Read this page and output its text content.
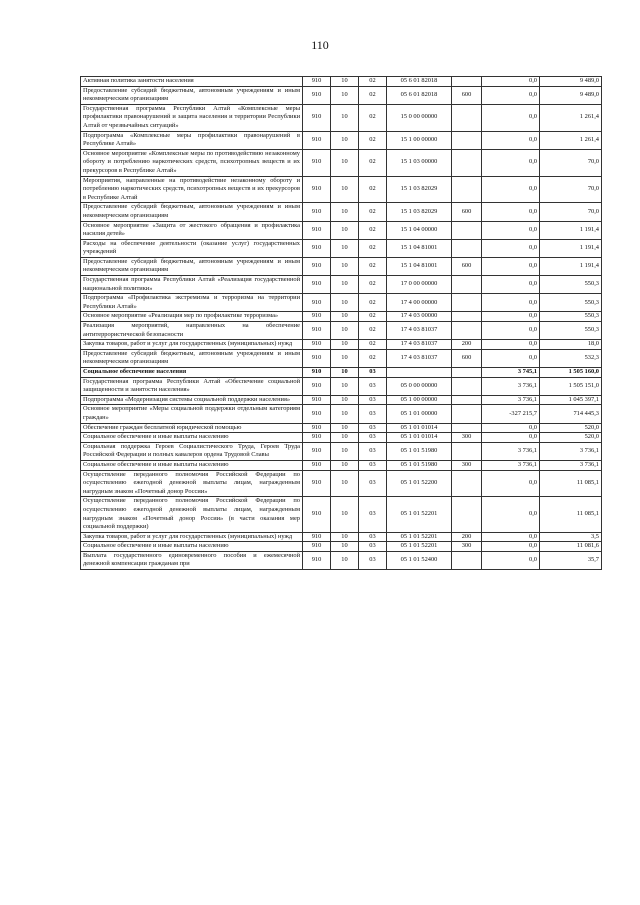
110
Активная политика занятости населения	910	10	02	05 6 01 82018		0,0	9 489,0
Предоставление субсидий бюджетным, автономным учреждениям и иным некоммерческим организациям	910	10	02	05 6 01 82018	600	0,0	9 489,0
Государственная программа Республики Алтай «Комплексные меры профилактики правонарушений и защита населения и территории Республики Алтай от чрезвычайных ситуаций»	910	10	02	15 0 00 00000		0,0	1 261,4
Подпрограмма «Комплексные меры профилактики правонарушений в Республике Алтай»	910	10	02	15 1 00 00000		0,0	1 261,4
Основное мероприятие «Комплексные меры по противодействию незаконному обороту и потреблению наркотических средств, психотропных веществ и их прекурсоров в Республике Алтай»	910	10	02	15 1 03 00000		0,0	70,0
Мероприятия, направленные на противодействие незаконному обороту и потреблению наркотических средств, психотропных веществ и их прекурсоров в Республике Алтай	910	10	02	15 1 03 82029		0,0	70,0
Предоставление субсидий бюджетным, автономным учреждениям и иным некоммерческим организациям	910	10	02	15 1 03 82029	600	0,0	70,0
Основное мероприятие «Защита от жестокого обращения и профилактика насилия детей»	910	10	02	15 1 04 00000		0,0	1 191,4
Расходы на обеспечение деятельности (оказание услуг) государственных учреждений	910	10	02	15 1 04 81001		0,0	1 191,4
Предоставление субсидий бюджетным, автономным учреждениям и иным некоммерческим организациям	910	10	02	15 1 04 81001	600	0,0	1 191,4
Государственная программа Республики Алтай «Реализация государственной национальной политики»	910	10	02	17 0 00 00000		0,0	550,3
Подпрограмма «Профилактика экстремизма и терроризма на территории Республики Алтай»	910	10	02	17 4 00 00000		0,0	550,3
Основное мероприятие «Реализация мер по профилактике терроризма»	910	10	02	17 4 03 00000		0,0	550,3
Реализация мероприятий, направленных на обеспечение антитеррористической безопасности	910	10	02	17 4 03 81037		0,0	550,3
Закупка товаров, работ и услуг для государственных (муниципальных) нужд	910	10	02	17 4 03 81037	200	0,0	18,0
Предоставление субсидий бюджетным, автономным учреждениям и иным некоммерческим организациям	910	10	02	17 4 03 81037	600	0,0	532,3
Социальное обеспечение населения	910	10	03			3 745,1	1 505 160,0
Государственная программа Республики Алтай «Обеспечение социальной защищенности и занятости населения»	910	10	03	05 0 00 00000		3 736,1	1 505 151,0
Подпрограмма «Модернизация системы социальной поддержки населения»	910	10	03	05 1 00 00000		3 736,1	1 045 397,1
Основное мероприятие «Меры социальной поддержки отдельным категориям граждан»	910	10	03	05 1 01 00000		-327 215,7	714 445,3
Обеспечение граждан бесплатной юридической помощью	910	10	03	05 1 01 01014		0,0	520,0
Социальное обеспечение и иные выплаты населению	910	10	03	05 1 01 01014	300	0,0	520,0
Социальная поддержка Героев Социалистического Труда, Героев Труда Российской Федерации и полных кавалеров ордена Трудовой Славы	910	10	03	05 1 01 51980		3 736,1	3 736,1
Социальное обеспечение и иные выплаты населению	910	10	03	05 1 01 51980	300	3 736,1	3 736,1
Осуществление переданного полномочия Российской Федерации по осуществлению ежегодной денежной выплаты лицам, награжденным нагрудным знаком «Почетный донор России»	910	10	03	05 1 01 52200		0,0	11 085,1
Осуществление переданного полномочия Российской Федерации по осуществлению ежегодной денежной выплаты лицам, награжденным нагрудным знаком «Почетный донор России» (в части оказания мер социальной поддержки)	910	10	03	05 1 01 52201		0,0	11 085,1
Закупка товаров, работ и услуг для государственных (муниципальных) нужд	910	10	03	05 1 01 52201	200	0,0	3,5
Социальное обеспечение и иные выплаты населению	910	10	03	05 1 01 52201	300	0,0	11 081,6
Выплата государственного единовременного пособия и ежемесячной денежной компенсации гражданам при	910	10	03	05 1 01 52400		0,0	35,7
